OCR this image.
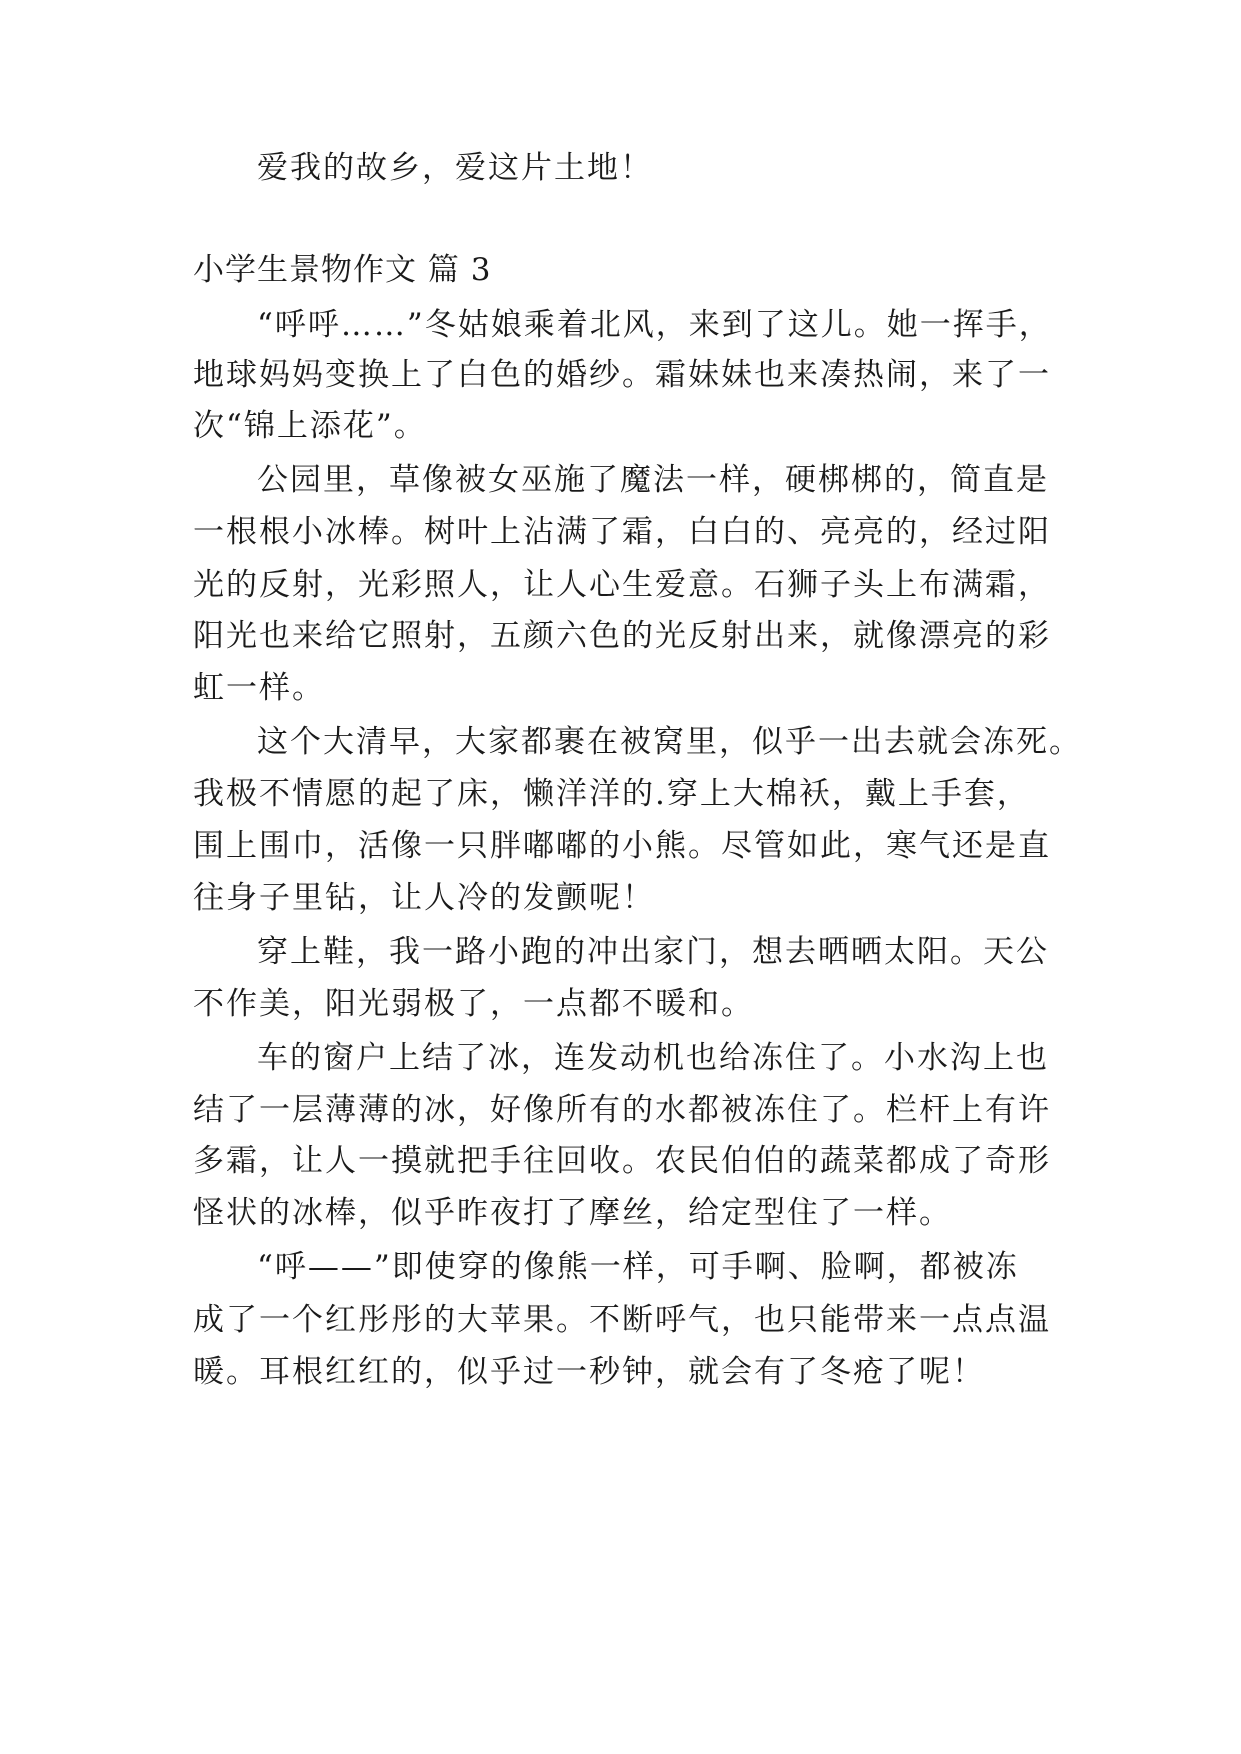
爱我的故乡，爱这片土地！
小学生景物作文 篇 3
“呼呼……”冬姑娘乘着北风，来到了这儿。她一挥手，
地球妈妈变换上了白色的婚纱。霜妹妹也来凑热闹，来了一
次“锦上添花”。
公园里，草像被女巫施了魔法一样，硬梆梆的，简直是
一根根小冰棒。树叶上沾满了霜，白白的、亮亮的，经过阳
光的反射，光彩照人，让人心生爱意。石狮子头上布满霜，
阳光也来给它照射，五颜六色的光反射出来，就像漂亮的彩
虹一样。
这个大清早，大家都裹在被窝里，似乎一出去就会冻死。
我极不情愿的起了床，懒洋洋的.穿上大棉袄，戴上手套，
围上围巾，活像一只胖嘟嘟的小熊。尽管如此，寒气还是直
往身子里钻，让人冷的发颤呢！
穿上鞋，我一路小跑的冲出家门，想去晒晒太阳。天公
不作美，阳光弱极了，一点都不暖和。
车的窗户上结了冰，连发动机也给冻住了。小水沟上也
结了一层薄薄的冰，好像所有的水都被冻住了。栏杆上有许
多霜，让人一摸就把手往回收。农民伯伯的蔬菜都成了奇形
怪状的冰棒，似乎昨夜打了摩丝，给定型住了一样。
“呼——”即使穿的像熊一样，可手啊、脸啊，都被冻
成了一个红彤彤的大苹果。不断呼气，也只能带来一点点温
暖。耳根红红的，似乎过一秒钟，就会有了冬疮了呢！
